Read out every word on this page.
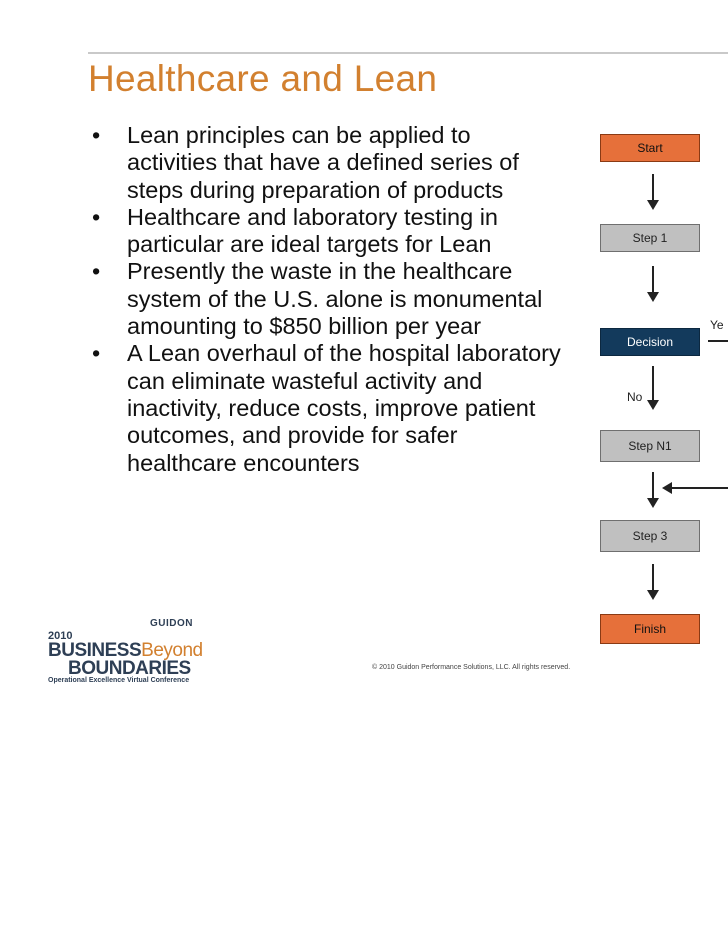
Healthcare and Lean
• Lean principles can be applied to activities that have a defined series of steps during preparation of products
• Healthcare and laboratory testing in particular are ideal targets for Lean
• Presently the waste in the healthcare system of the U.S. alone is monumental amounting to $850 billion per year
• A Lean overhaul of the hospital laboratory can eliminate wasteful activity and inactivity, reduce costs, improve patient outcomes, and provide for safer healthcare encounters
Start
Step 1
Decision
Ye
No
Step N1
Step 3
Finish
GUIDON
2010
BUSINESSBeyond
BOUNDARIES
Operational Excellence Virtual Conference
© 2010 Guidon Performance Solutions, LLC. All rights reserved.
